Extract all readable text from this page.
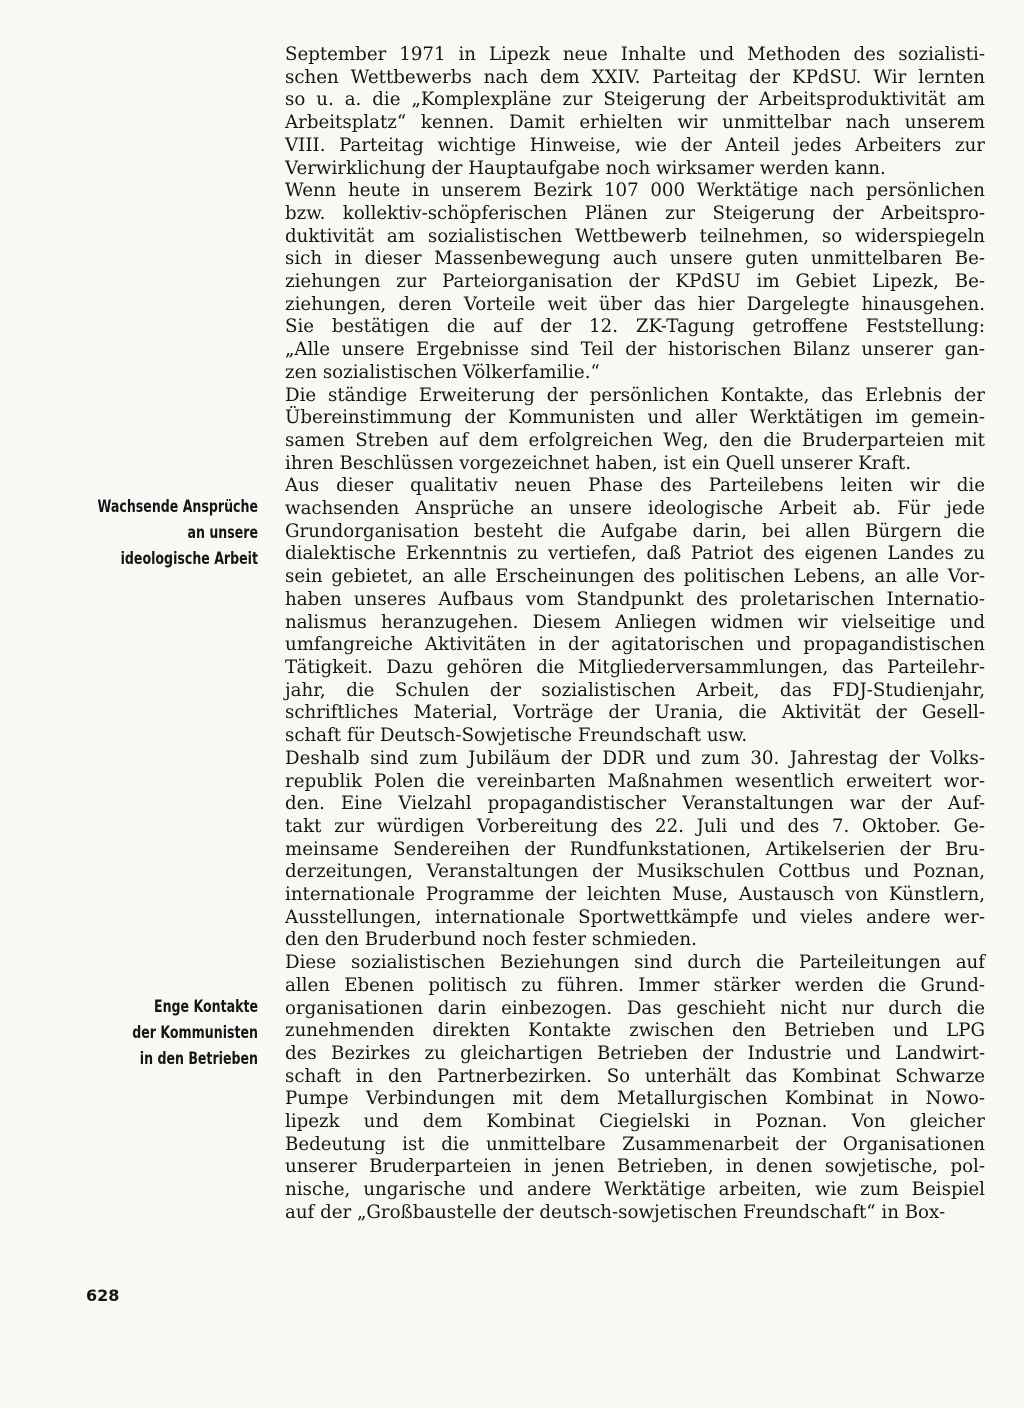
September 1971 in Lipezk neue Inhalte und Methoden des sozialisti-
schen Wettbewerbs nach dem XXIV. Parteitag der KPdSU. Wir lernten
so u. a. die „Komplexpläne zur Steigerung der Arbeitsproduktivität am
Arbeitsplatz“ kennen. Damit erhielten wir unmittelbar nach unserem
VIII. Parteitag wichtige Hinweise, wie der Anteil jedes Arbeiters zur
Verwirklichung der Hauptaufgabe noch wirksamer werden kann.

Wenn heute in unserem Bezirk 107 000 Werktätige nach persönlichen
bzw. kollektiv-schöpferischen Plänen zur Steigerung der Arbeitspro-
duktivität am sozialistischen Wettbewerb teilnehmen, so widerspiegeln
sich in dieser Massenbewegung auch unsere guten unmittelbaren Be-
ziehungen zur Parteiorganisation der KPdSU im Gebiet Lipezk, Be-
ziehungen, deren Vorteile weit über das hier Dargelegte hinausgehen.
Sie bestätigen die auf der 12. ZK-Tagung getroffene Feststellung:
„Alle unsere Ergebnisse sind Teil der historischen Bilanz unserer gan-
zen sozialistischen Völkerfamilie.“

Die ständige Erweiterung der persönlichen Kontakte, das Erlebnis der
Übereinstimmung der Kommunisten und aller Werktätigen im gemein-
samen Streben auf dem erfolgreichen Weg, den die Bruderparteien mit
ihren Beschlüssen vorgezeichnet haben, ist ein Quell unserer Kraft.

Aus dieser qualitativ neuen Phase des Parteilebens leiten wir die
wachsenden Ansprüche an unsere ideologische Arbeit ab. Für jede
Grundorganisation besteht die Aufgabe darin, bei allen Bürgern die
dialektische Erkenntnis zu vertiefen, daß Patriot des eigenen Landes zu
sein gebietet, an alle Erscheinungen des politischen Lebens, an alle Vor-
haben unseres Aufbaus vom Standpunkt des proletarischen Internatio-
nalismus heranzugehen. Diesem Anliegen widmen wir vielseitige und
umfangreiche Aktivitäten in der agitatorischen und propagandistischen
Tätigkeit. Dazu gehören die Mitgliederversammlungen, das Parteilehr-
jahr, die Schulen der sozialistischen Arbeit, das FDJ-Studienjahr,
schriftliches Material, Vorträge der Urania, die Aktivität der Gesell-
schaft für Deutsch-Sowjetische Freundschaft usw.

Deshalb sind zum Jubiläum der DDR und zum 30. Jahrestag der Volks-
republik Polen die vereinbarten Maßnahmen wesentlich erweitert wor-
den. Eine Vielzahl propagandistischer Veranstaltungen war der Auf-
takt zur würdigen Vorbereitung des 22. Juli und des 7. Oktober. Ge-
meinsame Sendereihen der Rundfunkstationen, Artikelserien der Bru-
derzeitungen, Veranstaltungen der Musikschulen Cottbus und Poznan,
internationale Programme der leichten Muse, Austausch von Künstlern,
Ausstellungen, internationale Sportwettkämpfe und vieles andere wer-
den den Bruderbund noch fester schmieden.

Diese sozialistischen Beziehungen sind durch die Parteileitungen auf
allen Ebenen politisch zu führen. Immer stärker werden die Grund-
organisationen darin einbezogen. Das geschieht nicht nur durch die
zunehmenden direkten Kontakte zwischen den Betrieben und LPG
des Bezirkes zu gleichartigen Betrieben der Industrie und Landwirt-
schaft in den Partnerbezirken. So unterhält das Kombinat Schwarze
Pumpe Verbindungen mit dem Metallurgischen Kombinat in Nowo-
lipezk und dem Kombinat Ciegielski in Poznan. Von gleicher
Bedeutung ist die unmittelbare Zusammenarbeit der Organisationen
unserer Bruderparteien in jenen Betrieben, in denen sowjetische, pol-
nische, ungarische und andere Werktätige arbeiten, wie zum Beispiel
auf der „Großbaustelle der deutsch-sowjetischen Freundschaft“ in Box-

Wachsende Ansprüche
an unsere
ideologische Arbeit
Enge Kontakte
der Kommunisten
in den Betrieben
628
